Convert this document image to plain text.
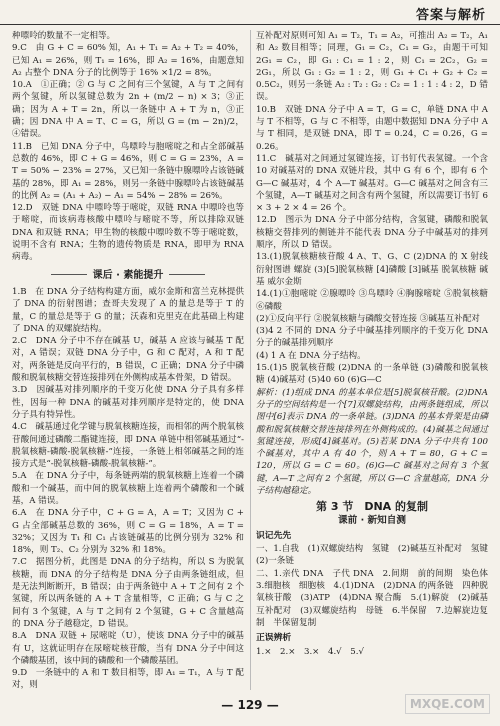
答案与解析

种嘌呤的数量不一定相等。

9.C　由 G + C = 60% 知，A₁ + T₁ = A₂ + T₂ = 40%，已知 A₁ = 26%，则 T₁ = 16%，即 A₂ = 16%，由题意知 A₂ 占整个 DNA 分子的比例等于 16% ×1/2 = 8%。

10.A　①正确；② G 与 C 之间有三个氢键，A 与 T 之间有两个氢键，所以氢键总数为 2n + (m/2 − n) × 3；③正确；因为 A + T = 2n，所以一条链中 A + T 为 n，③正确；因 DNA 中 A = T、C = G，所以 G = (m − 2n)/2，④错误。

11.B　已知 DNA 分子中，鸟嘌呤与胞嘧啶之和占全部碱基总数的 46%，即 C + G = 46%，则 C = G = 23%，A = T = 50% − 23% = 27%，又已知一条链中腺嘌呤占该链碱基的 28%，即 A₁ = 28%，则另一条链中腺嘌呤占该链碱基的比例 A₂ = (A₁ + A₂) − A₁ = 54% − 28% = 26%。

12.D　双链 DNA 中嘌呤等于嘧啶，双链 RNA 中嘌呤也等于嘧啶，而该病毒核酸中嘌呤与嘧啶不等，所以排除双链 DNA 和双链 RNA；甲生物的核酸中嘌呤数不等于嘧啶数，说明不含有 RNA；生物的遗传物质是 RNA，即甲为 RNA 病毒。

课后 · 素能提升

1.B　在 DNA 分子结构构建方面，威尔金斯和富兰克林提供了 DNA 的衍射图谱；查哥夫发现了 A 的量总是等于 T 的量，C 的量总是等于 G 的量；沃森和克里克在此基础上构建了 DNA 的双螺旋结构。

2.C　DNA 分子中不存在碱基 U，碱基 A 应该与碱基 T 配对，A 错误；双链 DNA 分子中，G 和 C 配对，A 和 T 配对，两条链是反向平行的，B 错误，C 正确；DNA 分子中磷酸和脱氧核糖交替连接排列在外侧构成基本骨架，D 错误。

3.D　因碱基对排列顺序的千变万化使 DNA 分子具有多样性，因每一种 DNA 的碱基对排列顺序是特定的，使 DNA 分子具有特异性。

4.C　碱基通过化学键与脱氧核糖连接，而相邻的两个脱氧核苷酸间通过磷酸二酯键连接，即 DNA 单链中相邻碱基通过“-脱氧核糖-磷酸-脱氧核糖-”连接，一条链上相邻碱基之间的连接方式是“-脱氧核糖-磷酸-脱氧核糖-”。

5.A　在 DNA 分子中，每条链两端的脱氧核糖上连着一个磷酸和一个碱基，而中间的脱氧核糖上连着两个磷酸和一个碱基，A 错误。

6.A　在 DNA 分子中，C + G = A，A = T；又因为 C + G 占全部碱基总数的 36%，则 C = G = 18%，A = T = 32%；又因为 T₁ 和 C₁ 占该链碱基的比例分别为 32% 和 18%，则 T₂、C₂ 分别为 32% 和 18%。

7.C　据图分析，此图是 DNA 的分子结构，所以 S 为脱氧核糖，而 DNA 的分子结构是 DNA 分子由两条链组成，但是无法判断断开，B 错误；由于两条链中 A + T 之间有 2 个氢键，所以两条链的 A + T 含量相等，C 正确；G 与 C 之间有 3 个氢键，A 与 T 之间有 2 个氢键，G + C 含量越高的 DNA 分子越稳定，D 错误。

8.A　DNA 双链 + 尿嘧啶（U），使该 DNA 分子中的碱基有 U，这就证明存在尿嘧啶核苷酸，当有 DNA 分子中间这个磷酸基团，该中间的磷酸和一个磷酸基团。

9.D　一条链中的 A 和 T 数目相等，即 A₁ = T₁，A 与 T 配对，则

互补配对原则可知 A₁ = T₂，T₁ = A₂，可推出 A₂ = T₂，A₁ 和 A₂ 数目相等；同理，G₁ = C₂，C₁ = G₂，由题干可知 2G₁ = C₂，即 G₁ : C₁ = 1 : 2，则 C₁ = 2C₂，G₂ = 2G₁，所以 G₁ : G₂ = 1 : 2，则 G₁ + C₁ + G₂ + C₂ = 0.5C₂，则另一条链 A₂ : T₂ : G₂ : C₂ = 1 : 1 : 4 : 2，D 错误。

10.B　双链 DNA 分子中 A = T，G = C，单链 DNA 中 A 与 T 不相等，G 与 C 不相等，由题中数据知 DNA 分子中 A 与 T 相同，是双链 DNA，即 T = 0.24，C = 0.26，G = 0.26。

11.C　碱基对之间通过氢键连接，订书钉代表氢键。一个含 10 对碱基对的 DNA 双链片段，其中 G 有 6 个，即有 6 个 G—C 碱基对，4 个 A—T 碱基对。G—C 碱基对之间含有三个氢键，A—T 碱基对之间含有两个氢键，所以需要订书钉 6 × 3 + 2 × 4 = 26 个。

12.D　图示为 DNA 分子中部分结构，含氢键，磷酸和脱氧核糖交替排列的侧链并不能代表 DNA 分子中碱基对的排列顺序，所以 D 错误。

13.(1)脱氧核糖核苷酸 4 A、T、G、C (2)DNA 的 X 射线衍射图谱 螺旋 (3)[5]脱氧核糖 [4]磷酸 [3]碱基 脱氧核糖 碱基 威尔金斯

14.(1)①胞嘧啶 ②腺嘌呤 ③鸟嘌呤 ④胸腺嘧啶 ⑤脱氧核糖 ⑥磷酸

(2)①反向平行 ②脱氧核糖与磷酸交替连接 ③碱基互补配对

(3)4 2 不同的 DNA 分子中碱基排列顺序的千变万化 DNA 分子的碱基排列顺序

(4) 1 A 在 DNA 分子结构。

15.(1)5 脱氧核苷酸 (2)DNA 的一条单链 (3)磷酸和脱氧核糖 (4)碱基对 (5)40 60 (6)G—C

解析：(1)组成 DNA 的基本单位是[5]脱氧核苷酸。(2)DNA 分子的空间结构是一个[7]双螺旋结构，由两条链组成，所以图中[6]表示 DNA 的一条单链。(3)DNA 的基本骨架是由磷酸和脱氧核糖交替连接排列在外侧构成的。(4)碱基之间通过氢键连接，形成[4]碱基对。(5)若某 DNA 分子中共有 100 个碱基对，其中 A 有 40 个，则 A + T = 80，G + C = 120，所以 G = C = 60。(6)G—C 碱基对之间有 3 个氢键，A—T 之间有 2 个氢键，所以 G—C 含量越高，DNA 分子结构越稳定。

第 3 节　DNA 的复制
课前 · 新知自测
识记先先

一、1.自我　(1)双螺旋结构　氢键　(2)碱基互补配对　氢键　(2)一条链

二、1.亲代 DNA　子代 DNA　2.间期　前的间期　染色体　3.细胞核　细胞核　4.(1)DNA　(2)DNA 的两条链　四种脱氧核苷酸　(3)ATP　(4)DNA 聚合酶　5.(1)解旋　(2)碱基互补配对　(3)双螺旋结构　母链　6.半保留　7.边解旋边复制　半保留复制

正误辨析

1.×　2.×　3.×　4.√　5.√

— 129 —	MXQE.COM
